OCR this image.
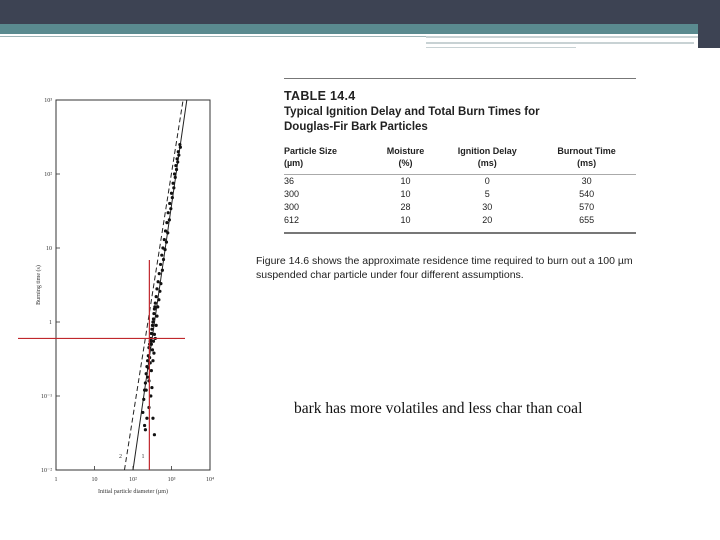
1	10	10²	10³	10⁴
10⁻²
10⁻¹
1
10
10²
10³
Initial particle diameter (µm)
Burning time (s)
1
2
TABLE 14.4
Typical Ignition Delay and Total Burn Times for Douglas-Fir Bark Particles
Particle Size	Moisture	Ignition Delay	Burnout Time
(µm)	(%)	(ms)	(ms)

36	10	0	30
300	10	5	540
300	28	30	570
612	10	20	655
Figure 14.6 shows the approximate residence time required to burn out a 100 µm suspended char particle under four different assumptions.
bark has more volatiles and less char than coal
